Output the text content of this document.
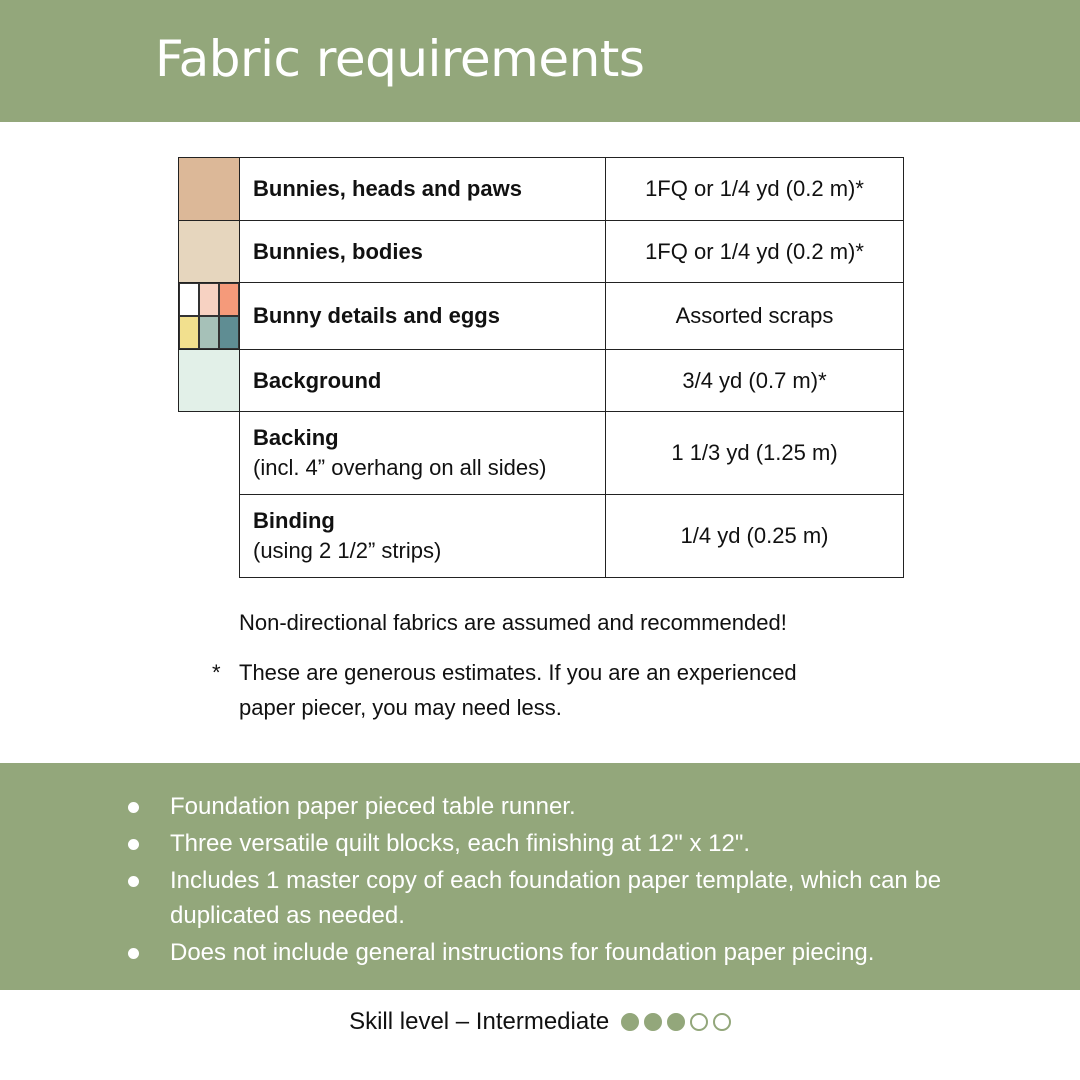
Fabric requirements

	Bunnies, heads and paws	1FQ or 1/4 yd (0.2 m)*

	Bunnies, bodies	1FQ or 1/4 yd (0.2 m)*

	Bunny details and eggs	Assorted scraps

	Background	3/4 yd (0.7 m)*

	Backing
(incl. 4” overhang on all sides)	1 1/3 yd (1.25 m)

	Binding
(using 2 1/2” strips)	1/4 yd (0.25 m)
Non-directional fabrics are assumed and recommended!
* These are generous estimates. If you are an experienced
paper piecer, you may need less.
Foundation paper pieced table runner.
Three versatile quilt blocks, each finishing at 12" x 12".
Includes 1 master copy of each foundation paper template, which can be duplicated as needed.
Does not include general instructions for foundation paper piecing.
Skill level – Intermediate
